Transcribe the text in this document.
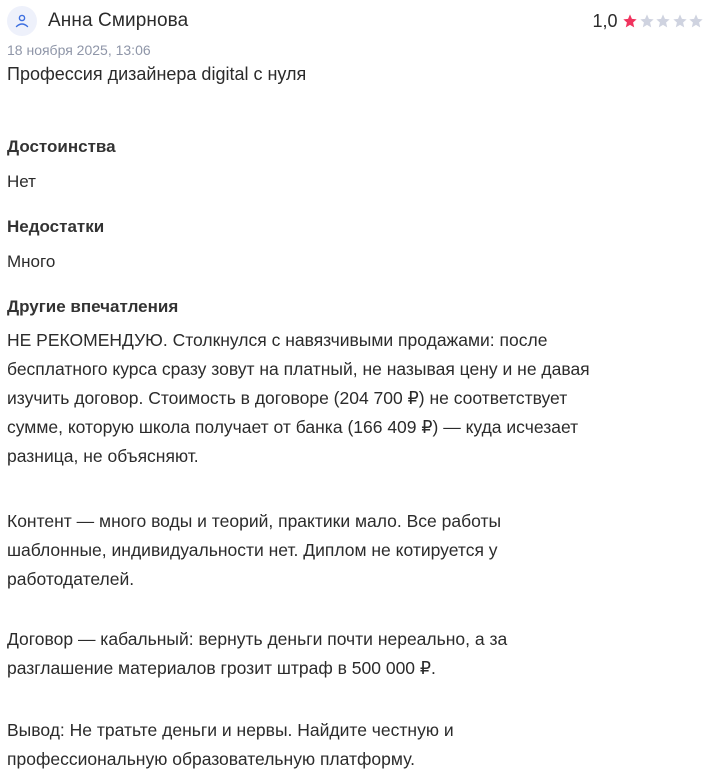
Анна Смирнова	1,0
18 ноября 2025, 13:06
Профессия дизайнера digital с нуля
Достоинства
Нет
Недостатки
Много
Другие впечатления
НЕ РЕКОМЕНДУЮ. Столкнулся с навязчивыми продажами: после
бесплатного курса сразу зовут на платный, не называя цену и не давая
изучить договор. Стоимость в договоре (204 700 ₽) не соответствует
сумме, которую школа получает от банка (166 409 ₽) — куда исчезает
разница, не объясняют.
Контент — много воды и теорий, практики мало. Все работы
шаблонные, индивидуальности нет. Диплом не котируется у
работодателей.
Договор — кабальный: вернуть деньги почти нереально, а за
разглашение материалов грозит штраф в 500 000 ₽.
Вывод: Не тратьте деньги и нервы. Найдите честную и
профессиональную образовательную платформу.
